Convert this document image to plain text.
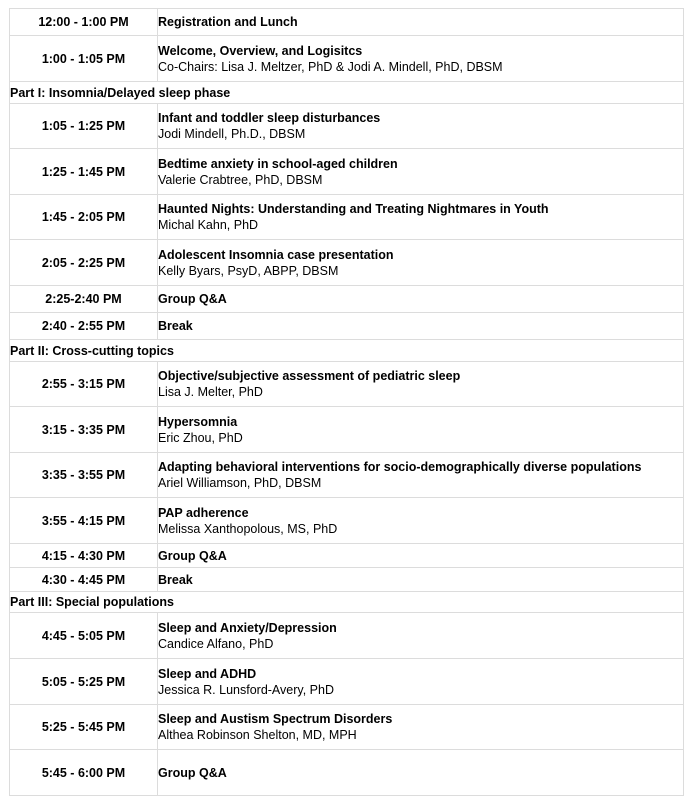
12:00 - 1:00 PM	Registration and Lunch

1:00 - 1:05 PM	Welcome, Overview, and Logisitcs
Co-Chairs: Lisa J. Meltzer, PhD & Jodi A. Mindell, PhD, DBSM

Part I: Insomnia/Delayed sleep phase	
1:05 - 1:25 PM	Infant and toddler sleep disturbances
Jodi Mindell, Ph.D., DBSM

1:25 - 1:45 PM	Bedtime anxiety in school-aged children
Valerie Crabtree, PhD, DBSM

1:45 - 2:05 PM	Haunted Nights: Understanding and Treating Nightmares in Youth
Michal Kahn, PhD

2:05 - 2:25 PM	Adolescent Insomnia case presentation
Kelly Byars, PsyD, ABPP, DBSM

2:25-2:40 PM	Group Q&A

2:40 - 2:55 PM	Break

Part II: Cross-cutting topics	
2:55 - 3:15 PM	Objective/subjective assessment of pediatric sleep
Lisa J. Melter, PhD

3:15 - 3:35 PM	Hypersomnia
Eric Zhou, PhD

3:35 - 3:55 PM	Adapting behavioral interventions for socio-demographically diverse populations
Ariel Williamson, PhD, DBSM

3:55 - 4:15 PM	PAP adherence
Melissa Xanthopolous, MS, PhD

4:15 - 4:30 PM	Group Q&A

4:30 - 4:45 PM	Break

Part III: Special populations	
4:45 - 5:05 PM	Sleep and Anxiety/Depression
Candice Alfano, PhD

5:05 - 5:25 PM	Sleep and ADHD
Jessica R. Lunsford-Avery, PhD

5:25 - 5:45 PM	Sleep and Austism Spectrum Disorders
Althea Robinson Shelton, MD, MPH

5:45 - 6:00 PM	Group Q&A
